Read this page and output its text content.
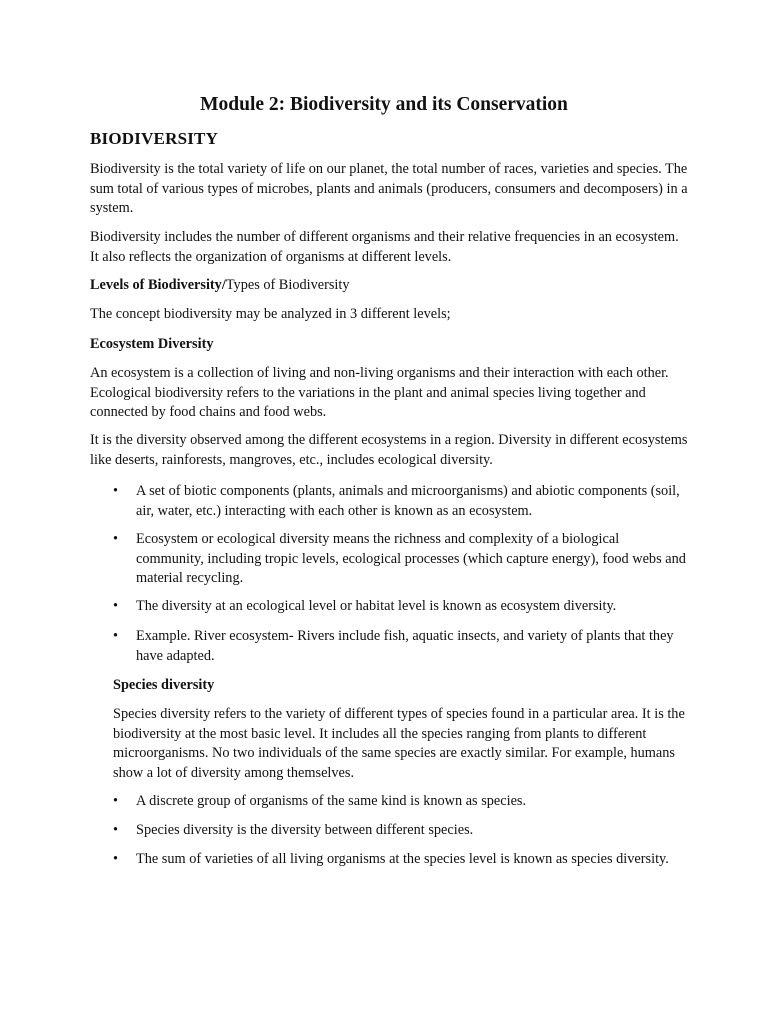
Module 2: Biodiversity and its Conservation
BIODIVERSITY

Biodiversity is the total variety of life on our planet, the total number of races, varieties and species. The sum total of various types of microbes, plants and animals (producers, consumers and decomposers) in a system.

Biodiversity includes the number of different organisms and their relative frequencies in an ecosystem. It also reflects the organization of organisms at different levels.

Levels of Biodiversity/Types of Biodiversity

The concept biodiversity may be analyzed in 3 different levels;

Ecosystem Diversity

An ecosystem is a collection of living and non-living organisms and their interaction with each other. Ecological biodiversity refers to the variations in the plant and animal species living together and connected by food chains and food webs.

It is the diversity observed among the different ecosystems in a region. Diversity in different ecosystems like deserts, rainforests, mangroves, etc., includes ecological diversity.

• A set of biotic components (plants, animals and microorganisms) and abiotic components (soil, air, water, etc.) interacting with each other is known as an ecosystem.
• Ecosystem or ecological diversity means the richness and complexity of a biological community, including tropic levels, ecological processes (which capture energy), food webs and material recycling.
• The diversity at an ecological level or habitat level is known as ecosystem diversity.
• Example. River ecosystem- Rivers include fish, aquatic insects, and variety of plants that they have adapted.

Species diversity

Species diversity refers to the variety of different types of species found in a particular area. It is the biodiversity at the most basic level. It includes all the species ranging from plants to different microorganisms. No two individuals of the same species are exactly similar. For example, humans show a lot of diversity among themselves.

• A discrete group of organisms of the same kind is known as species.
• Species diversity is the diversity between different species.
• The sum of varieties of all living organisms at the species level is known as species diversity.
